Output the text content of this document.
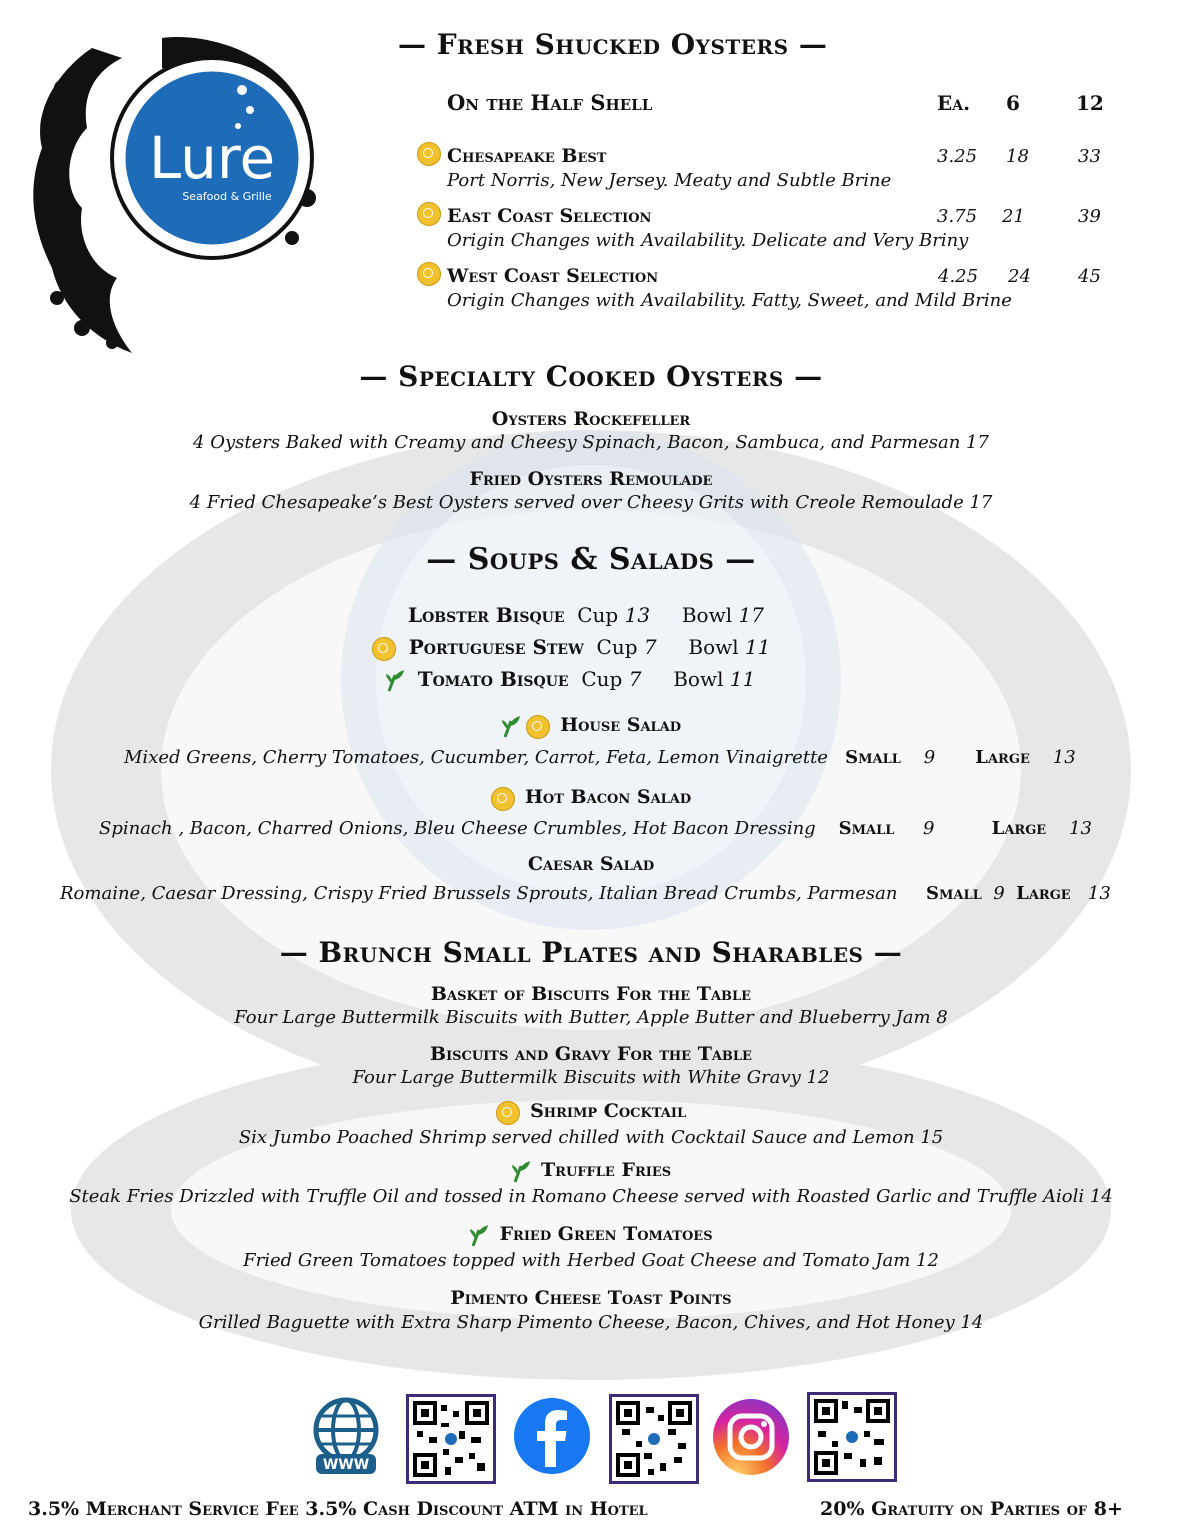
Lure
Seafood & Grille
— Fresh Shucked Oysters —
On the Half Shell	Ea. 6	12
Chesapeake Best	3.25 18	33
Port Norris, New Jersey. Meaty and Subtle Brine
East Coast Selection	3.75 21	39
Origin Changes with Availability. Delicate and Very Briny
West Coast Selection	4.25 24	45
Origin Changes with Availability. Fatty, Sweet, and Mild Brine
— Specialty Cooked Oysters —
Oysters Rockefeller
4 Oysters Baked with Creamy and Cheesy Spinach, Bacon, Sambuca, and Parmesan 17
Fried Oysters Remoulade
4 Fried Chesapeake’s Best Oysters served over Cheesy Grits with Creole Remoulade 17
— Soups & Salads —
Lobster Bisque Cup 13 Bowl 17
Portuguese Stew Cup 7 Bowl 11
Tomato Bisque Cup 7 Bowl 11
House Salad
Mixed Greens, Cherry Tomatoes, Cucumber, Carrot, Feta, Lemon Vinaigrette Small 9 Large 13
Hot Bacon Salad
Spinach , Bacon, Charred Onions, Bleu Cheese Crumbles, Hot Bacon Dressing Small 9	Large 13
Caesar Salad
Romaine, Caesar Dressing, Crispy Fried Brussels Sprouts, Italian Bread Crumbs, Parmesan Small 9 Large 13
— Brunch Small Plates and Sharables —
Basket of Biscuits For the Table
Four Large Buttermilk Biscuits with Butter, Apple Butter and Blueberry Jam 8
Biscuits and Gravy For the Table
Four Large Buttermilk Biscuits with White Gravy 12
Shrimp Cocktail
Six Jumbo Poached Shrimp served chilled with Cocktail Sauce and Lemon 15
Truffle Fries
Steak Fries Drizzled with Truffle Oil and tossed in Romano Cheese served with Roasted Garlic and Truffle Aioli 14
Fried Green Tomatoes
Fried Green Tomatoes topped with Herbed Goat Cheese and Tomato Jam 12
Pimento Cheese Toast Points
Grilled Baguette with Extra Sharp Pimento Cheese, Bacon, Chives, and Hot Honey 14
WWW
3.5% Merchant Service Fee 3.5% Cash Discount ATM in Hotel	20% Gratuity on Parties of 8+
